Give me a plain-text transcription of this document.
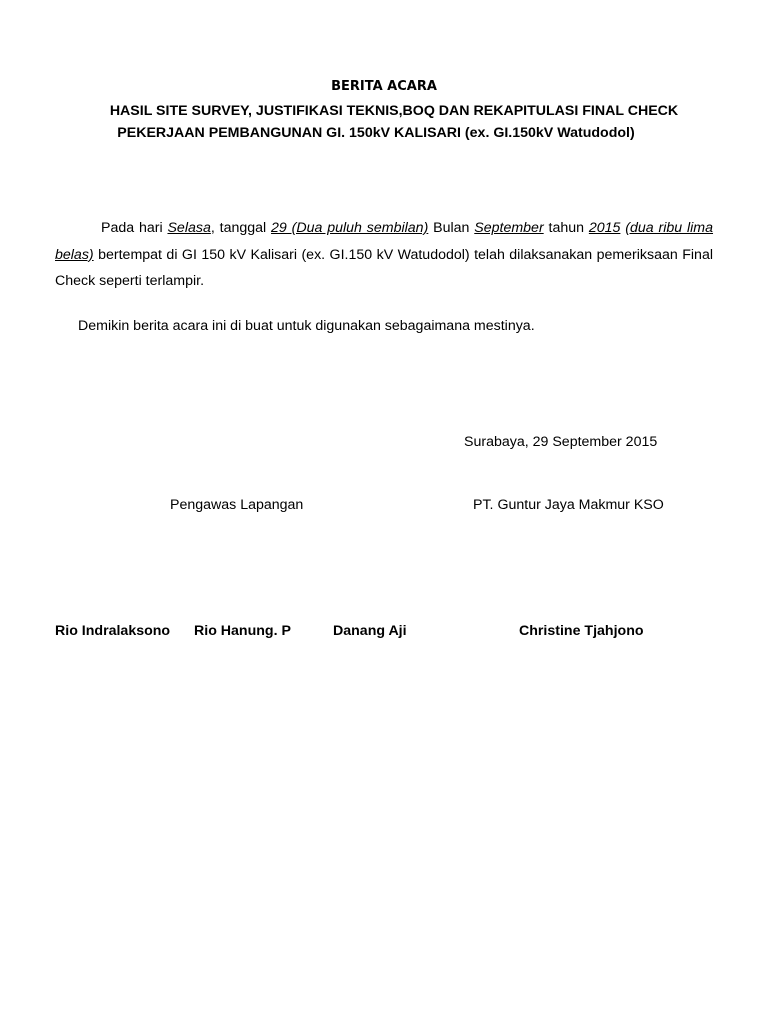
BERITA ACARA
HASIL SITE SURVEY, JUSTIFIKASI TEKNIS,BOQ DAN REKAPITULASI FINAL CHECK
PEKERJAAN PEMBANGUNAN GI. 150kV KALISARI (ex. GI.150kV Watudodol)
Pada hari Selasa, tanggal 29 (Dua puluh sembilan) Bulan September tahun 2015 (dua ribu lima belas) bertempat di GI 150 kV Kalisari (ex. GI.150 kV Watudodol) telah dilaksanakan pemeriksaan Final Check seperti terlampir.
Demikin berita acara ini di buat untuk digunakan sebagaimana mestinya.
Surabaya, 29 September 2015
Pengawas Lapangan	PT. Guntur Jaya Makmur KSO
Rio Indralaksono Rio Hanung. P	Danang Aji	Christine Tjahjono
